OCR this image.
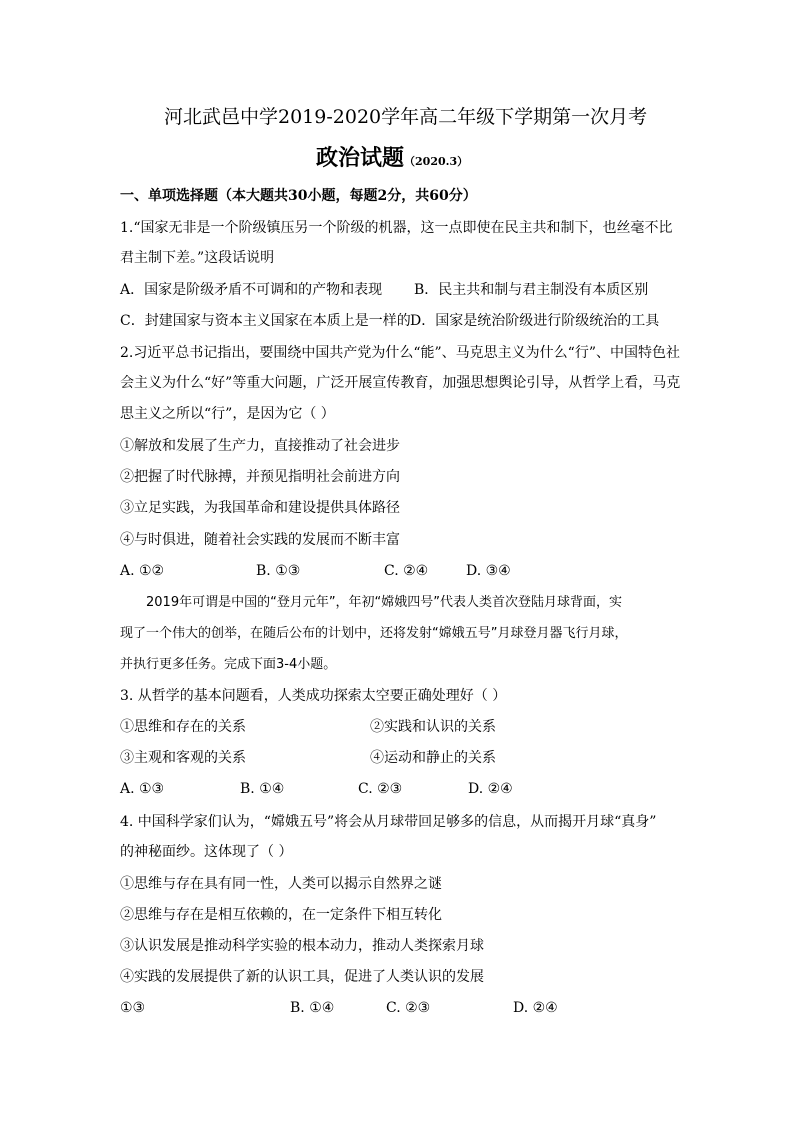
河北武邑中学2019-2020学年高二年级下学期第一次月考
政治试题（2020.3）
一、单项选择题（本大题共30小题，每题2分，共60分）
1.“国家无非是一个阶级镇压另一个阶级的机器，这一点即使在民主共和制下，也丝毫不比
君主制下差。”这段话说明
A．国家是阶级矛盾不可调和的产物和表现 B．民主共和制与君主制没有本质区别
C．封建国家与资本主义国家在本质上是一样的 D．国家是统治阶级进行阶级统治的工具
2.习近平总书记指出，要围绕中国共产党为什么“能”、马克思主义为什么“行”、中国特色社
会主义为什么“好”等重大问题，广泛开展宣传教育，加强思想舆论引导，从哲学上看，马克
思主义之所以“行”，是因为它（ ）
①解放和发展了生产力，直接推动了社会进步
②把握了时代脉搏，并预见指明社会前进方向
③立足实践，为我国革命和建设提供具体路径
④与时俱进，随着社会实践的发展而不断丰富
A. ①②	B. ①③	C. ②④	D. ③④
2019年可谓是中国的“登月元年”，年初“嫦娥四号”代表人类首次登陆月球背面，实
现了一个伟大的创举，在随后公布的计划中，还将发射“嫦娥五号”月球登月器飞行月球，
并执行更多任务。完成下面3-4小题。
3. 从哲学的基本问题看，人类成功探索太空要正确处理好（ ）
①思维和存在的关系	②实践和认识的关系
③主观和客观的关系	④运动和静止的关系
A. ①③	B. ①④	C. ②③	D. ②④
4. 中国科学家们认为，“嫦娥五号”将会从月球带回足够多的信息，从而揭开月球“真身”
的神秘面纱。这体现了（ ）
①思维与存在具有同一性，人类可以揭示自然界之谜
②思维与存在是相互依赖的，在一定条件下相互转化
③认识发展是推动科学实验的根本动力，推动人类探索月球
④实践的发展提供了新的认识工具，促进了人类认识的发展
①③	B. ①④	C. ②③	D. ②④
